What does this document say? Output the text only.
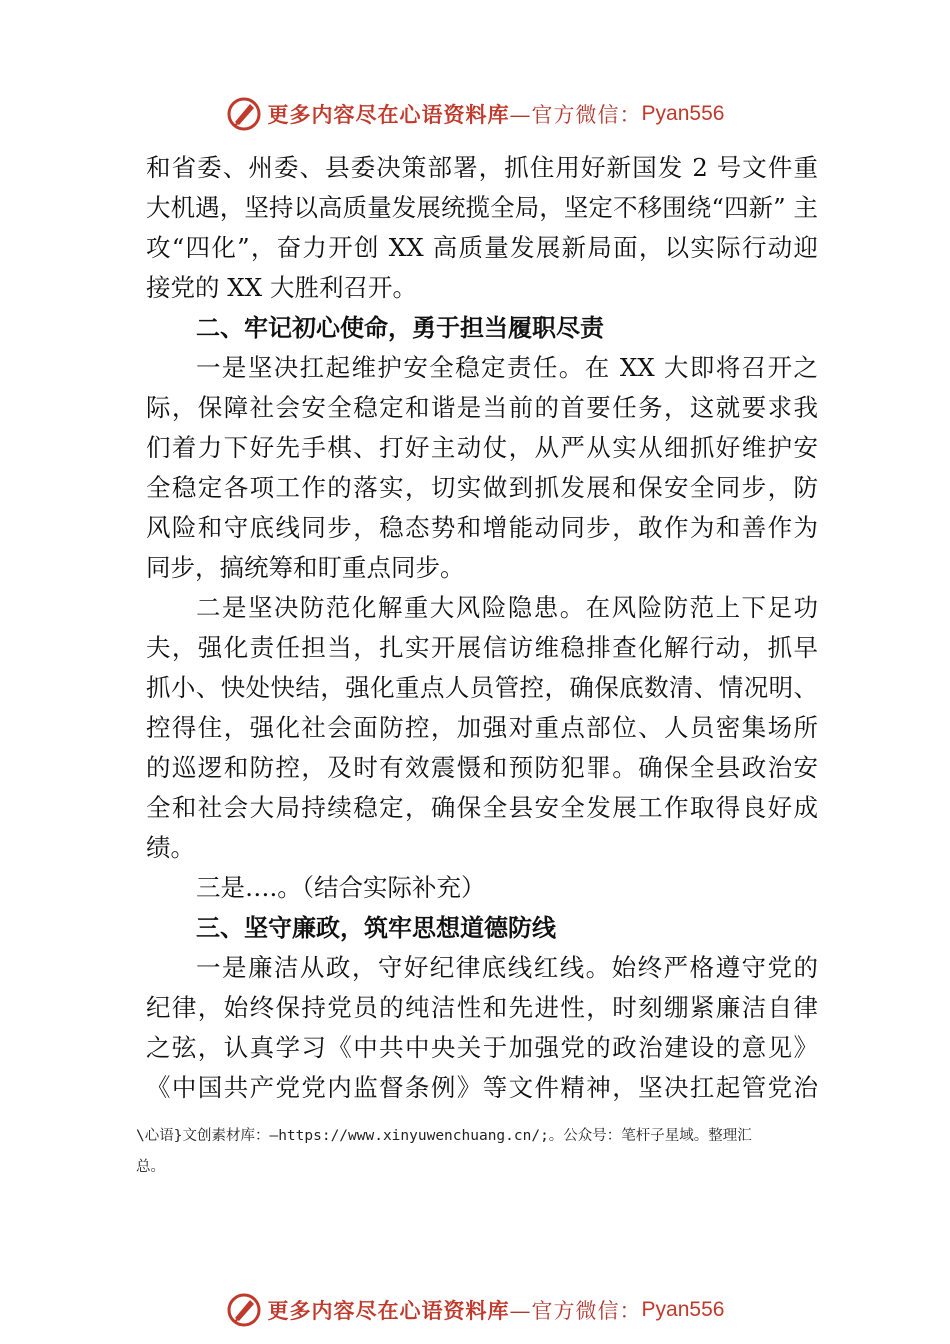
更多内容尽在心语资料库 —官方微信： Pyan556
和省委、州委、县委决策部署，抓住用好新国发 2 号文件重
大机遇，坚持以高质量发展统揽全局，坚定不移围绕“四新” 主
攻“四化”，奋力开创 XX 高质量发展新局面，以实际行动迎
接党的 XX 大胜利召开。
二、牢记初心使命，勇于担当履职尽责
一是坚决扛起维护安全稳定责任。在 XX 大即将召开之
际，保障社会安全稳定和谐是当前的首要任务，这就要求我
们着力下好先手棋、打好主动仗，从严从实从细抓好维护安
全稳定各项工作的落实，切实做到抓发展和保安全同步，防
风险和守底线同步，稳态势和增能动同步，敢作为和善作为
同步，搞统筹和盯重点同步。
二是坚决防范化解重大风险隐患。在风险防范上下足功
夫，强化责任担当，扎实开展信访维稳排查化解行动，抓早
抓小、快处快结，强化重点人员管控，确保底数清、情况明、
控得住，强化社会面防控，加强对重点部位、人员密集场所
的巡逻和防控，及时有效震慑和预防犯罪。确保全县政治安
全和社会大局持续稳定，确保全县安全发展工作取得良好成
绩。
三是….。（结合实际补充）
三、坚守廉政，筑牢思想道德防线
一是廉洁从政，守好纪律底线红线。始终严格遵守党的
纪律，始终保持党员的纯洁性和先进性，时刻绷紧廉洁自律
之弦，认真学习《中共中央关于加强党的政治建设的意见》
《中国共产党党内监督条例》等文件精神，坚决扛起管党治
\心语}文创素材库：—https://www.xinyuwenchuang.cn/;。公众号：笔杆子星域。整理汇
总。
更多内容尽在心语资料库 —官方微信： Pyan556
